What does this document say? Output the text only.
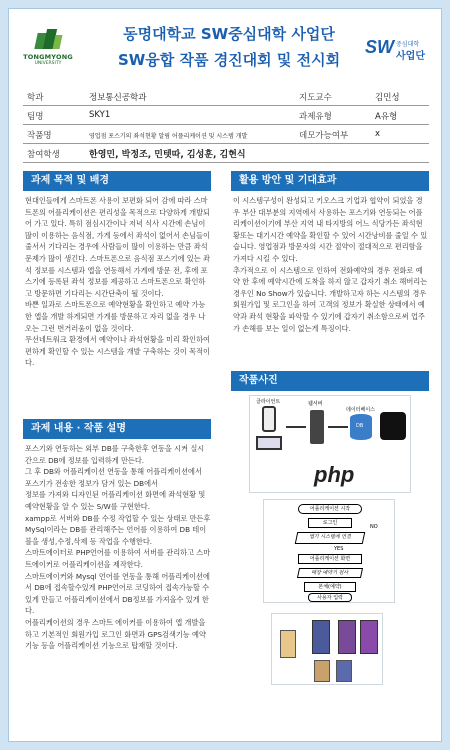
TONGMYONG
UNIVERSITY
동명대학교 SW중심대학 사업단
SW융합 작품 경진대회 및 전시회
SW 중심대학
사업단
학과	정보통신공학과	지도교수	김민성
팀명	SKY1	과제유형	A유형
작품명	영업점 포스기의 좌석현황 알림 어플리케이션 및 시스템 개발	데모가능여부	x
참여학생	한영민, 박정조, 민텟따, 김성훈, 김현식
과제 목적 및 배경

현대인들에게 스마트폰 사용이 보편화 되어 감에 따라 스마트폰의 어플리케이션은 편리성을 목적으로 다양하게 개발되어 가고 있다. 특히 점심시간이나 저녁 식사 시간에 손님이 많이 이용하는 음식점, 가게 등에서 좌석이 없어서 손님들이 줄서서 기다리는 경우에 사람들이 많이 이용하는 만큼 좌석 문제가 많이 생긴다. 스마트폰으로 음식점 포스기에 있는 좌석 정보를 시스템과 앱을 연동해서 가게에 방문 전, 후에 포스기에 등록된 좌석 정보를 제공하고 스마트폰으로 확인하고 방문하면 기다리는 시간단축이 될 것이다.

바쁜 일과로 스마트폰으로 예약현황을 확인하고 예약 가능한 앱을 개발 하게되면 가게를 방문하고 자리 없을 경우 나오는 그런 번거러움이 없을 것이다.

무선네트워크 환경에서 예약이나 좌석현황을 미리 확인하여 편하게 확인할 수 있는 시스템을 개발 구축하는 것이 목적이다.

과제 내용 · 작품 설명

포스기와 연동하는 외부 DB를 구축한후 연동을 시켜 실시간으로 DB에 정보를 입력하게 만든다.

그 후 DB와 어플리케이션 연동을 통해 어플리케이션에서 포스기가 전송한 정보가 담겨 있는 DB에서

정보를 가져와 디자인된 어플리케이션 화면에 좌석현황 및 예약현황을 알 수 있는 S/W를 구현한다.

xampp로 서버와 DB를 수정 작업할 수 있는 상태로 만든후 MySql이라는 DB를 관리해주는 언어를 이용하여 DB 테이블을 생성,수정,삭제 등 작업을 수행한다.

스마트에이터로 PHP언어를 이용하여 서버를 관리하고 스마트에이커로 어플리케이션을 제작한다.

스마트에이커와 Mysql 언어를 연동을 통해 어플리케이션에서 DB에 접속할수있게 PHP언어로 코딩하여 접속가능할 수 있게 만들고 어플리케이션에서 DB정보를 가져올수 있게 한다.

어플리케이션의 경우 스마트 에이커를 이용하여 앱 개발을 하고 기본적인 회원가입 로그인 화면과 GPS검색기능 예약기능 등을 어플리케이션 기능으로 탑재할 것이다.

활용 방안 및 기대효과

이 시스템구성이 완성되고 키오스크 기업과 협약이 되었을 경우 부산 대부분의 지역에서 사용하는 포스기와 연동되는 어플리케이션이기에 부산 지역 내 타지방의 어느 식당가든 좌석현황또는 대기시간 예약을 확인할 수 있어 시간낭비를 줄일 수 있습니다. 영업점과 방문자의 시간 절약이 절대적으로 편리함을 가져다 시킬 수 있다.

추가적으로 이 시스템으로 인하여 전화예약의 경우 전화로 예약 한 후에 예약시간에 도착을 하지 않고 갑자기 취소 해버리는 경우인 No Show가 있습니다. 개발하고자 하는 시스템의 경우 회원가입 및 로그인을 하여 고객의 정보가 확실한 상태에서 예약과 좌석 현황을 파악할 수 있기에 갑자기 취소함으로써 업주가 손해를 보는 일이 없는게 특징이다.

작품사진
클라이언트	웹서버
데이터베이스
DB
php
어플리케이션 시작
로그인
앱기 시스템에 연결
NO
YES
어플리케이션 화면
매장 예약기 검사
본체(예약)
사용자 입력
